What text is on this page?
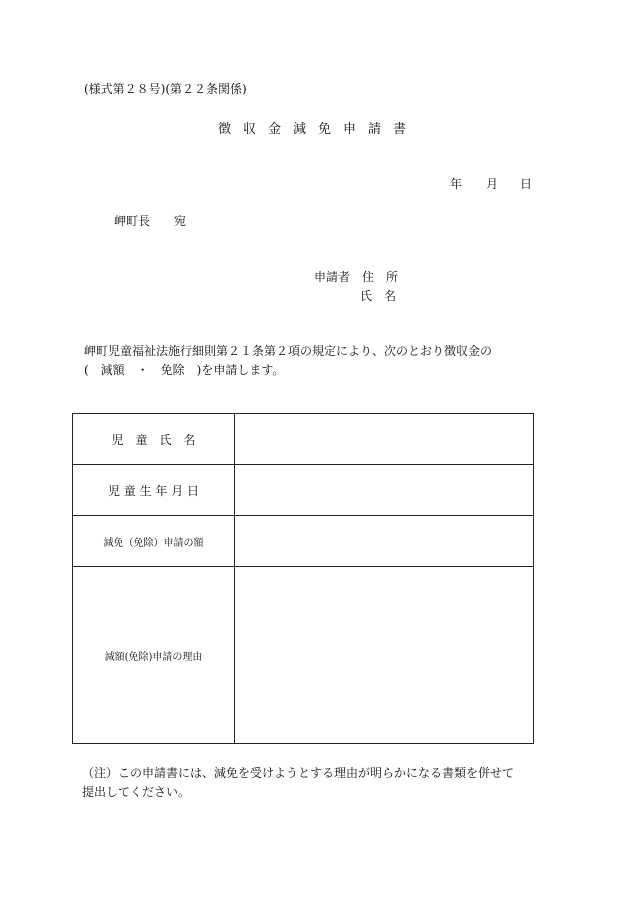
(様式第２８号)(第２２条関係)
徴収金減免申請書
年 月 日
岬町長　　宛
申請者　住　所
氏　名
岬町児童福祉法施行細則第２１条第２項の規定により、次のとおり徴収金の
(　減額　・　免除　)を申請します。
児　童　氏　名	
児 童 生 年 月 日	
減免（免除）申請の額	
減額(免除)申請の理由	
（注）この申請書には、減免を受けようとする理由が明らかになる書類を併せて
提出してください。
